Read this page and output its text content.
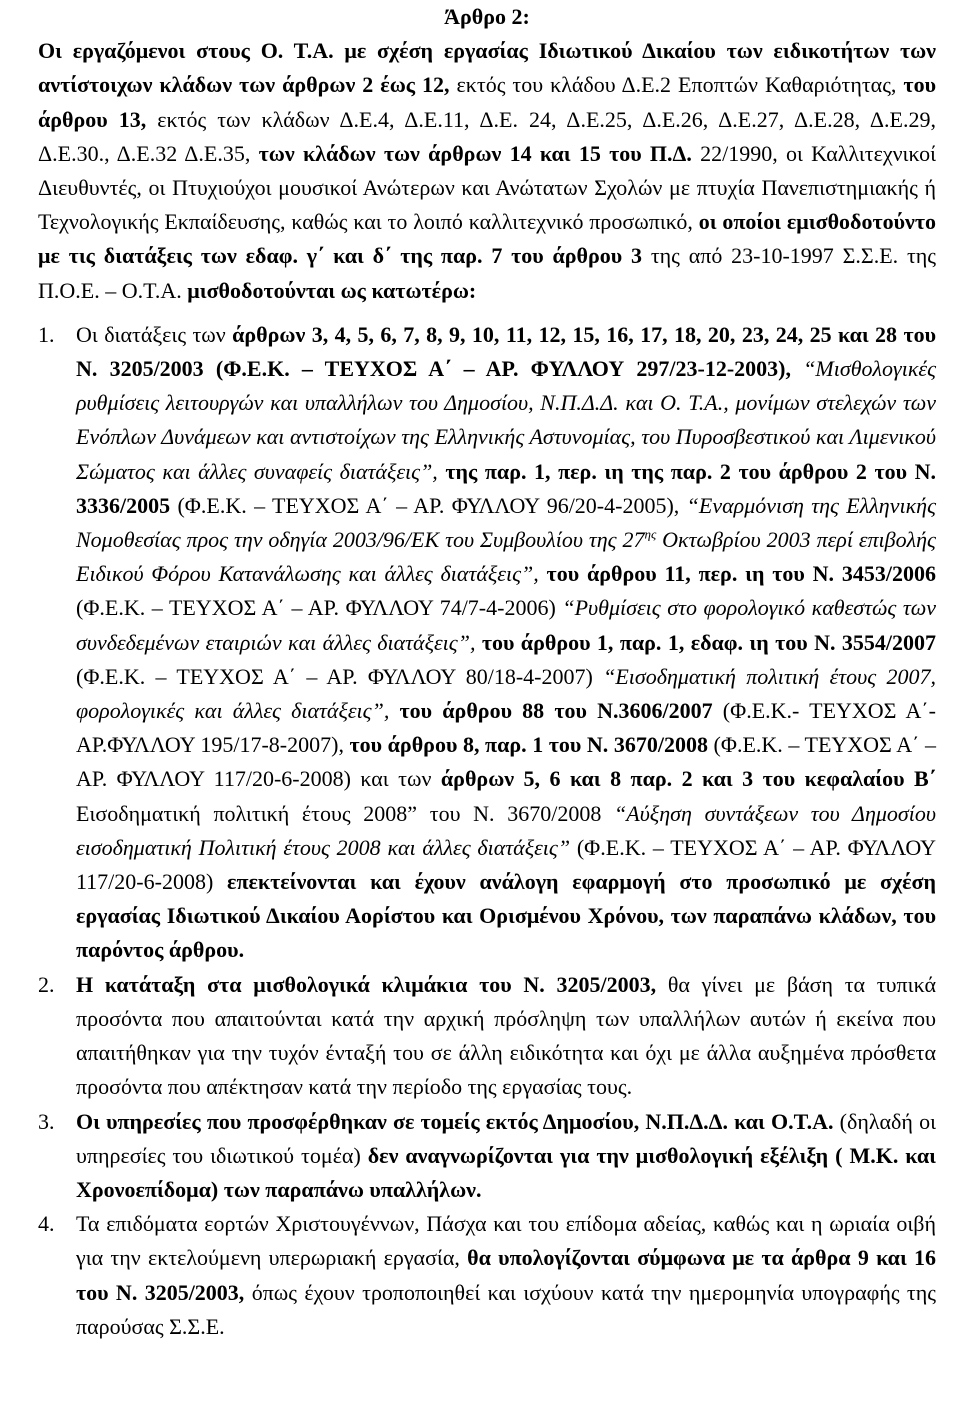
Άρθρο 2:

Οι εργαζόμενοι στους Ο. Τ.Α. με σχέση εργασίας Ιδιωτικού Δικαίου των ειδικοτήτων των αντίστοιχων κλάδων των άρθρων 2 έως 12, εκτός του κλάδου Δ.Ε.2 Εποπτών Καθαριότητας, του άρθρου 13, εκτός των κλάδων Δ.Ε.4, Δ.Ε.11, Δ.Ε. 24, Δ.Ε.25, Δ.Ε.26, Δ.Ε.27, Δ.Ε.28, Δ.Ε.29, Δ.Ε.30., Δ.Ε.32 Δ.Ε.35, των κλάδων των άρθρων 14 και 15 του Π.Δ. 22/1990, οι Καλλιτεχνικοί Διευθυντές, οι Πτυχιούχοι μουσικοί Ανώτερων και Ανώτατων Σχολών με πτυχία Πανεπιστημιακής ή Τεχνολογικής Εκπαίδευσης, καθώς και το λοιπό καλλιτεχνικό προσωπικό, οι οποίοι εμισθοδοτούντο με τις διατάξεις των εδαφ. γ΄ και δ΄ της παρ. 7 του άρθρου 3 της από 23-10-1997 Σ.Σ.Ε. της Π.Ο.Ε. – Ο.Τ.Α. μισθοδοτούνται ως κατωτέρω:

1. Οι διατάξεις των άρθρων 3, 4, 5, 6, 7, 8, 9, 10, 11, 12, 15, 16, 17, 18, 20, 23, 24, 25 και 28 του Ν. 3205/2003 (Φ.Ε.Κ. – ΤΕΥΧΟΣ Α΄ – ΑΡ. ΦΥΛΛΟΥ 297/23-12-2003), “Μισθολογικές ρυθμίσεις λειτουργών και υπαλλήλων του Δημοσίου, Ν.Π.Δ.Δ. και Ο. Τ.Α., μονίμων στελεχών των Ενόπλων Δυνάμεων και αντιστοίχων της Ελληνικής Αστυνομίας, του Πυροσβεστικού και Λιμενικού Σώματος και άλλες συναφείς διατάξεις”, της παρ. 1, περ. ιη της παρ. 2 του άρθρου 2 του Ν. 3336/2005 (Φ.Ε.Κ. – ΤΕΥΧΟΣ Α΄ – ΑΡ. ΦΥΛΛΟΥ 96/20-4-2005), “Εναρμόνιση της Ελληνικής Νομοθεσίας προς την οδηγία 2003/96/ΕΚ του Συμβουλίου της $27^{\eta\varsigma}$ Οκτωβρίου 2003 περί επιβολής Ειδικού Φόρου Κατανάλωσης και άλλες διατάξεις”, του άρθρου 11, περ. ιη του Ν. 3453/2006 (Φ.Ε.Κ. – ΤΕΥΧΟΣ Α΄ – ΑΡ. ΦΥΛΛΟΥ 74/7-4-2006) “Ρυθμίσεις στο φορολογικό καθεστώς των συνδεδεμένων εταιριών και άλλες διατάξεις”, του άρθρου 1, παρ. 1, εδαφ. ιη του Ν. 3554/2007 (Φ.Ε.Κ. – ΤΕΥΧΟΣ Α΄ – ΑΡ. ΦΥΛΛΟΥ 80/18-4-2007) “Εισοδηματική πολιτική έτους 2007, φορολογικές και άλλες διατάξεις”, του άρθρου 88 του Ν.3606/2007 (Φ.Ε.Κ.- ΤΕΥΧΟΣ Α΄- ΑΡ.ΦΥΛΛΟΥ 195/17-8-2007), του άρθρου 8, παρ. 1 του Ν. 3670/2008 (Φ.Ε.Κ. – ΤΕΥΧΟΣ Α΄ – ΑΡ. ΦΥΛΛΟΥ 117/20-6-2008) και των άρθρων 5, 6 και 8 παρ. 2 και 3 του κεφαλαίου Β΄ Εισοδηματική πολιτική έτους 2008” του Ν. 3670/2008 “Αύξηση συντάξεων του Δημοσίου εισοδηματική Πολιτική έτους 2008 και άλλες διατάξεις” (Φ.Ε.Κ. – ΤΕΥΧΟΣ Α΄ – ΑΡ. ΦΥΛΛΟΥ 117/20-6-2008) επεκτείνονται και έχουν ανάλογη εφαρμογή στο προσωπικό με σχέση εργασίας Ιδιωτικού Δικαίου Αορίστου και Ορισμένου Χρόνου, των παραπάνω κλάδων, του παρόντος άρθρου.
2. Η κατάταξη στα μισθολογικά κλιμάκια του Ν. 3205/2003, θα γίνει με βάση τα τυπικά προσόντα που απαιτούνται κατά την αρχική πρόσληψη των υπαλλήλων αυτών ή εκείνα που απαιτήθηκαν για την τυχόν ένταξή του σε άλλη ειδικότητα και όχι με άλλα αυξημένα πρόσθετα προσόντα που απέκτησαν κατά την περίοδο της εργασίας τους.
3. Οι υπηρεσίες που προσφέρθηκαν σε τομείς εκτός Δημοσίου, Ν.Π.Δ.Δ. και Ο.Τ.Α. (δηλαδή οι υπηρεσίες του ιδιωτικού τομέα) δεν αναγνωρίζονται για την μισθολογική εξέλιξη ( Μ.Κ. και Χρονοεπίδομα) των παραπάνω υπαλλήλων.
4. Τα επιδόματα εορτών Χριστουγέννων, Πάσχα και του επίδομα αδείας, καθώς και η ωριαία οιβή για την εκτελούμενη υπερωριακή εργασία, θα υπολογίζονται σύμφωνα με τα άρθρα 9 και 16 του Ν. 3205/2003, όπως έχουν τροποποιηθεί και ισχύουν κατά την ημερομηνία υπογραφής της παρούσας Σ.Σ.Ε.
